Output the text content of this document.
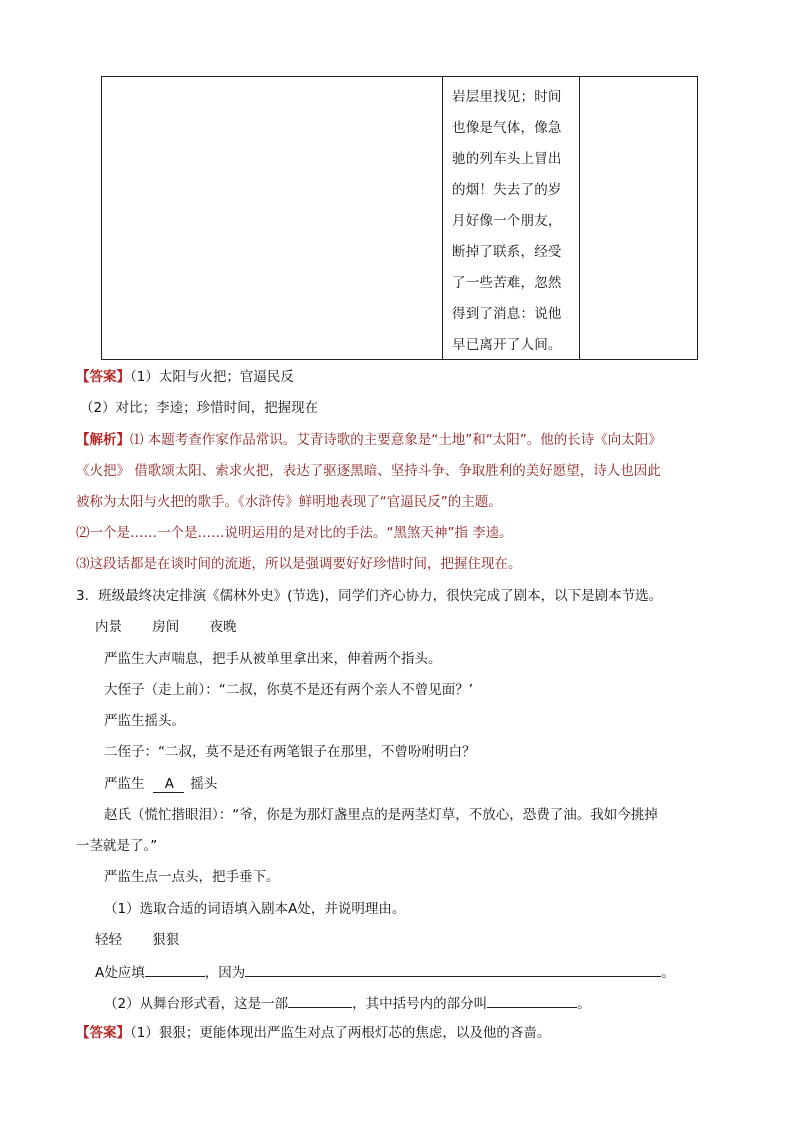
岩层里找见；时间
也像是气体，像急
驰的列车头上冒出
的烟！失去了的岁
月好像一个朋友，
断掉了联系，经受
了一些苦难，忽然
得到了消息：说他
早已离开了人间。
【答案】（1）太阳与火把；官逼民反
（2）对比；李逵；珍惜时间，把握现在
【解析】⑴ 本题考查作家作品常识。艾青诗歌的主要意象是“土地”和“太阳”。他的长诗《向太阳》
《火把》 借歌颂太阳、索求火把，表达了驱逐黑暗、坚持斗争、争取胜利的美好愿望，诗人也因此
被称为太阳与火把的歌手。《水浒传》鲜明地表现了“官逼民反”的主题。
⑵一个是……一个是……说明运用的是对比的手法。“黑煞天神”指 李逵。
⑶这段话都是在谈时间的流逝，所以是强调要好好珍惜时间，把握住现在。
3．班级最终决定排演《儒林外史》(节选)，同学们齐心协力，很快完成了剧本，以下是剧本节选。
内景 房间 夜晚
严监生大声喘息，把手从被单里拿出来，伸着两个指头。
大侄子（走上前）：“二叔，你莫不是还有两个亲人不曾见面？’
严监生摇头。
二侄子：“二叔，莫不是还有两笔银子在那里，不曾吩咐明白？
严监生 A 摇头
赵氏（慌忙揩眼泪）：“爷，你是为那灯盏里点的是两茎灯草，不放心，恐费了油。我如今挑掉
一茎就是了。”
严监生点一点头，把手垂下。
（1）选取合适的词语填入剧本A处，并说明理由。
轻轻 狠狠
A处应填	，因为	。
（2）从舞台形式看，这是一部	，其中括号内的部分叫	。
【答案】（1）狠狠；更能体现出严监生对点了两根灯芯的焦虑，以及他的吝啬。
